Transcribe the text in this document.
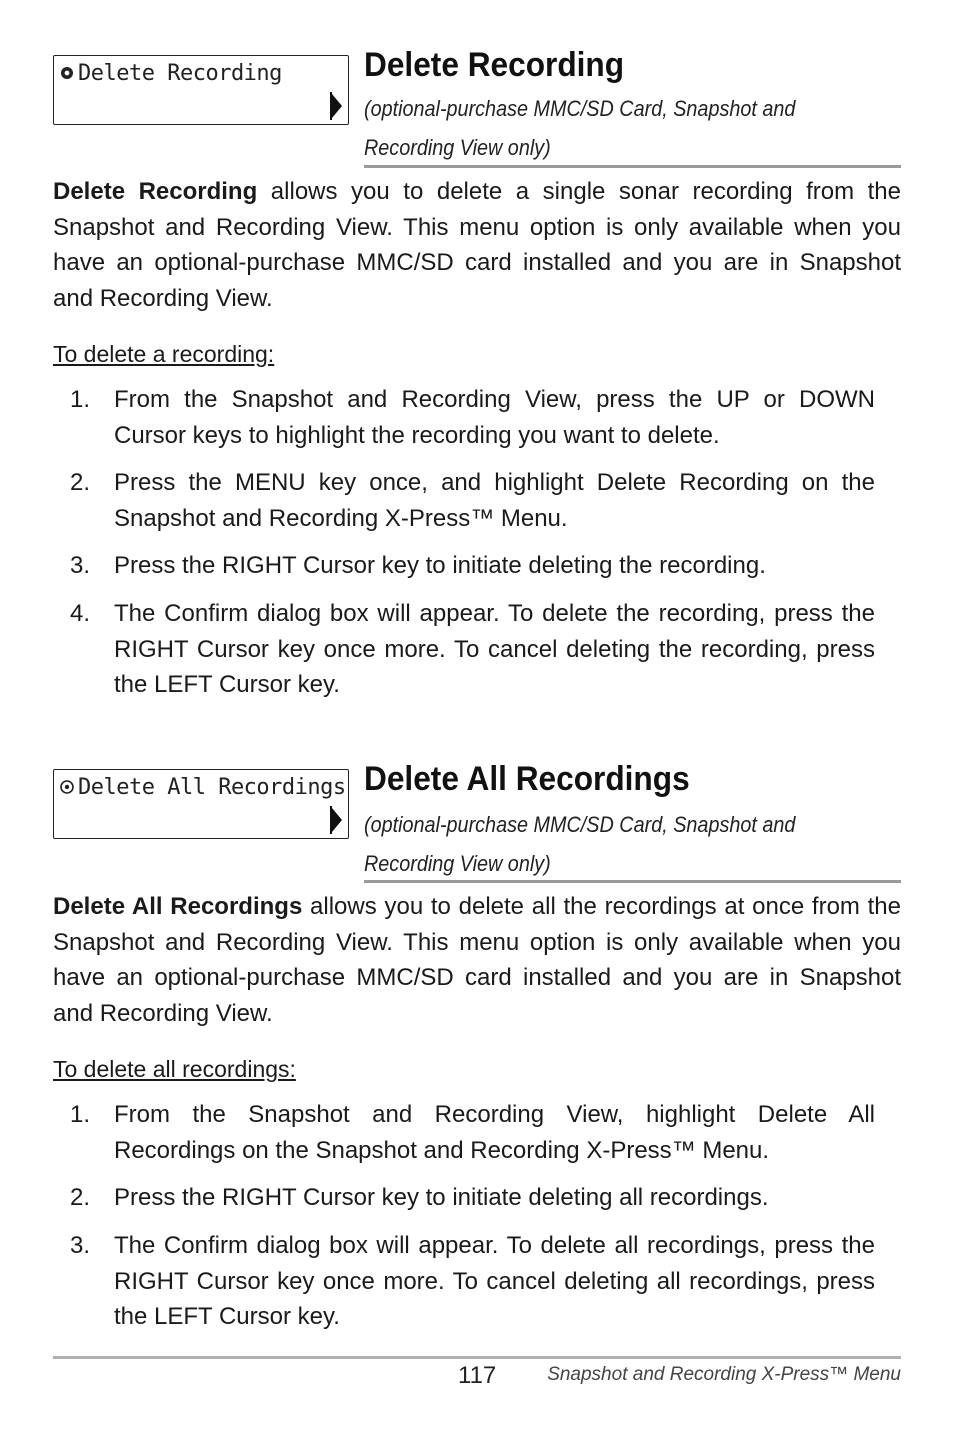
Delete Recording Delete Recording

(optional-purchase MMC/SD Card, Snapshot and Recording View only)

Delete Recording allows you to delete a single sonar recording from the Snapshot and Recording View. This menu option is only available when you have an optional-purchase MMC/SD card installed and you are in Snapshot and Recording View.

To delete a recording:

1. From the Snapshot and Recording View, press the UP or DOWN Cursor keys to highlight the recording you want to delete.
2. Press the MENU key once, and highlight Delete Recording on the Snapshot and Recording X-Press™ Menu.
3. Press the RIGHT Cursor key to initiate deleting the recording.
4. The Confirm dialog box will appear. To delete the recording, press the RIGHT Cursor key once more. To cancel deleting the recording, press the LEFT Cursor key.
Delete All Recordings Delete All Recordings

(optional-purchase MMC/SD Card, Snapshot and Recording View only)

Delete All Recordings allows you to delete all the recordings at once from the Snapshot and Recording View. This menu option is only available when you have an optional-purchase MMC/SD card installed and you are in Snapshot and Recording View.

To delete all recordings:

1. From the Snapshot and Recording View, highlight Delete All Recordings on the Snapshot and Recording X-Press™ Menu.
2. Press the RIGHT Cursor key to initiate deleting all recordings.
3. The Confirm dialog box will appear. To delete all recordings, press the RIGHT Cursor key once more. To cancel deleting all recordings, press the LEFT Cursor key.
117	Snapshot and Recording X-Press™ Menu
